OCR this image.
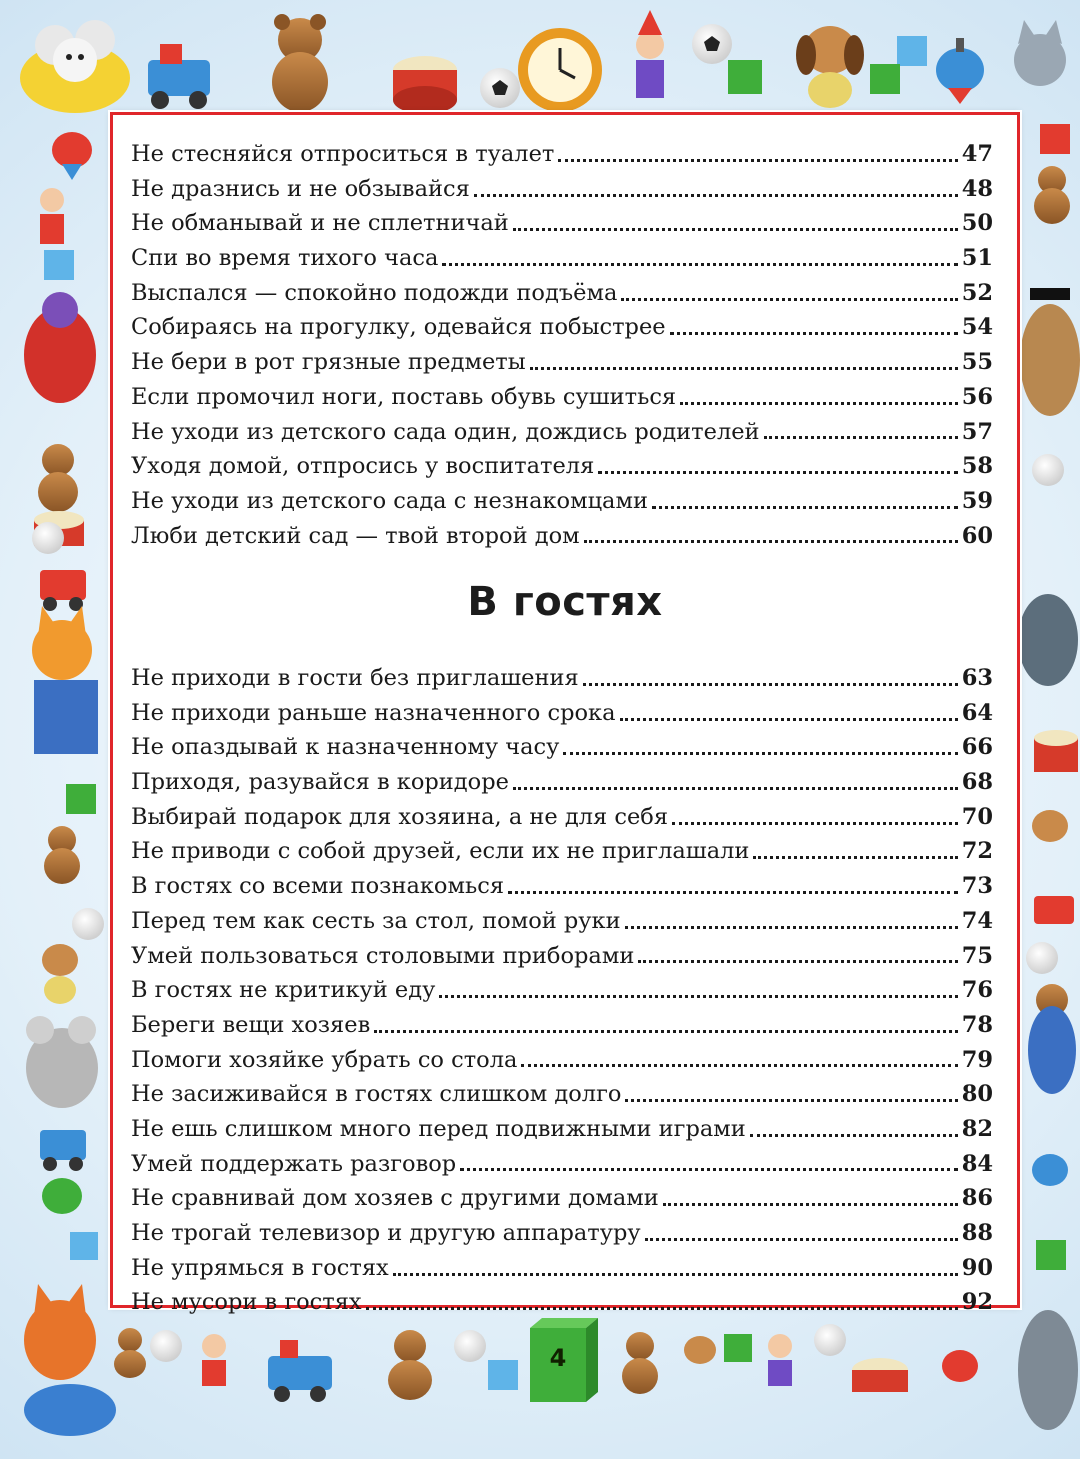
Не стесняйся отпроситься в туалет	47
Не дразнись и не обзывайся	48
Не обманывай и не сплетничай	50
Спи во время тихого часа	51
Выспался — спокойно подожди подъёма	52
Собираясь на прогулку, одевайся побыстрее	54
Не бери в рот грязные предметы	55
Если промочил ноги, поставь обувь сушиться	56
Не уходи из детского сада один, дождись родителей	57
Уходя домой, отпросись у воспитателя	58
Не уходи из детского сада с незнакомцами	59
Люби детский сад — твой второй дом	60
В гостях
Не приходи в гости без приглашения	63
Не приходи раньше назначенного срока	64
Не опаздывай к назначенному часу	66
Приходя, разувайся в коридоре	68
Выбирай подарок для хозяина, а не для себя	70
Не приводи с собой друзей, если их не приглашали	72
В гостях со всеми познакомься	73
Перед тем как сесть за стол, помой руки	74
Умей пользоваться столовыми приборами	75
В гостях не критикуй еду	76
Береги вещи хозяев	78
Помоги хозяйке убрать со стола	79
Не засиживайся в гостях слишком долго	80
Не ешь слишком много перед подвижными играми	82
Умей поддержать разговор	84
Не сравнивай дом хозяев с другими домами	86
Не трогай телевизор и другую аппаратуру	88
Не упрямься в гостях	90
Не мусори в гостях	92
4
